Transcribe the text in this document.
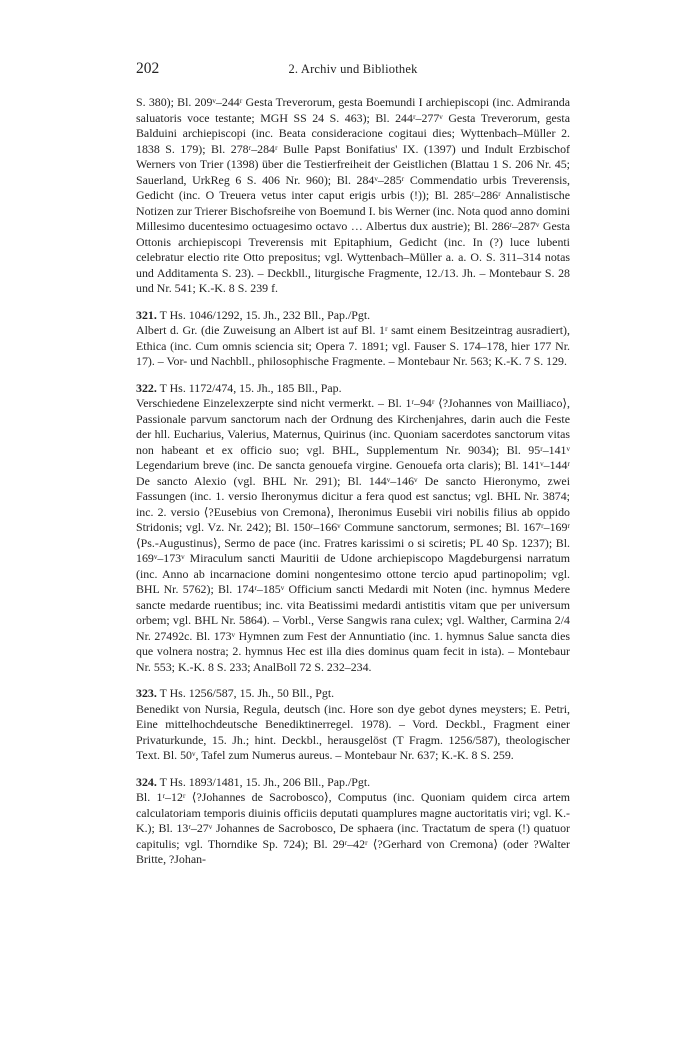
202	2. Archiv und Bibliothek

S. 380); Bl. 209ᵛ–244ʳ Gesta Treverorum, gesta Boemundi I archiepiscopi (inc. Admiranda saluatoris voce testante; MGH SS 24 S. 463); Bl. 244ʳ–277ᵛ Gesta Treverorum, gesta Balduini archiepiscopi (inc. Beata consideracione cogitaui dies; Wyttenbach–Müller 2. 1838 S. 179); Bl. 278ʳ–284ʳ Bulle Papst Bonifatius' IX. (1397) und Indult Erzbischof Werners von Trier (1398) über die Testierfreiheit der Geistlichen (Blattau 1 S. 206 Nr. 45; Sauerland, UrkReg 6 S. 406 Nr. 960); Bl. 284ᵛ–285ʳ Commendatio urbis Treverensis, Gedicht (inc. O Treuera vetus inter caput erigis urbis (!)); Bl. 285ʳ–286ʳ Annalistische Notizen zur Trierer Bischofsreihe von Boemund I. bis Werner (inc. Nota quod anno domini Millesimo ducentesimo octuagesimo octavo … Albertus dux austrie); Bl. 286ʳ–287ᵛ Gesta Ottonis archiepiscopi Treverensis mit Epitaphium, Gedicht (inc. In (?) luce lubenti celebratur electio rite Otto prepositus; vgl. Wyttenbach–Müller a. a. O. S. 311–314 notas und Additamenta S. 23). – Deckbll., liturgische Fragmente, 12./13. Jh. – Montebaur S. 28 und Nr. 541; K.-K. 8 S. 239 f.

321. T Hs. 1046/1292, 15. Jh., 232 Bll., Pap./Pgt.

Albert d. Gr. (die Zuweisung an Albert ist auf Bl. 1ʳ samt einem Besitzeintrag ausradiert), Ethica (inc. Cum omnis sciencia sit; Opera 7. 1891; vgl. Fauser S. 174–178, hier 177 Nr. 17). – Vor- und Nachbll., philosophische Fragmente. – Montebaur Nr. 563; K.-K. 7 S. 129.

322. T Hs. 1172/474, 15. Jh., 185 Bll., Pap.

Verschiedene Einzelexzerpte sind nicht vermerkt. – Bl. 1ʳ–94ʳ ⟨?Johannes von Mailliaco⟩, Passionale parvum sanctorum nach der Ordnung des Kirchenjahres, darin auch die Feste der hll. Eucharius, Valerius, Maternus, Quirinus (inc. Quoniam sacerdotes sanctorum vitas non habeant et ex officio suo; vgl. BHL, Supplementum Nr. 9034); Bl. 95ʳ–141ᵛ Legendarium breve (inc. De sancta genouefa virgine. Genouefa orta claris); Bl. 141ᵛ–144ʳ De sancto Alexio (vgl. BHL Nr. 291); Bl. 144ᵛ–146ᵛ De sancto Hieronymo, zwei Fassungen (inc. 1. versio Iheronymus dicitur a fera quod est sanctus; vgl. BHL Nr. 3874; inc. 2. versio ⟨?Eusebius von Cremona⟩, Iheronimus Eusebii viri nobilis filius ab oppido Stridonis; vgl. Vz. Nr. 242); Bl. 150ʳ–166ᵛ Commune sanctorum, sermones; Bl. 167ʳ–169ʳ ⟨Ps.-Augustinus⟩, Sermo de pace (inc. Fratres karissimi o si sciretis; PL 40 Sp. 1237); Bl. 169ᵛ–173ᵛ Miraculum sancti Mauritii de Udone archiepiscopo Magdeburgensi narratum (inc. Anno ab incarnacione domini nongentesimo ottone tercio apud partinopolim; vgl. BHL Nr. 5762); Bl. 174ʳ–185ᵛ Officium sancti Medardi mit Noten (inc. hymnus Medere sancte medarde ruentibus; inc. vita Beatissimi medardi antistitis vitam que per universum orbem; vgl. BHL Nr. 5864). – Vorbl., Verse Sangwis rana culex; vgl. Walther, Carmina 2/4 Nr. 27492c. Bl. 173ᵛ Hymnen zum Fest der Annuntiatio (inc. 1. hymnus Salue sancta dies que volnera nostra; 2. hymnus Hec est illa dies dominus quam fecit in ista). – Montebaur Nr. 553; K.-K. 8 S. 233; AnalBoll 72 S. 232–234.

323. T Hs. 1256/587, 15. Jh., 50 Bll., Pgt.

Benedikt von Nursia, Regula, deutsch (inc. Hore son dye gebot dynes meysters; E. Petri, Eine mittelhochdeutsche Benediktinerregel. 1978). – Vord. Deckbl., Fragment einer Privaturkunde, 15. Jh.; hint. Deckbl., herausgelöst (T Fragm. 1256/587), theologischer Text. Bl. 50ᵛ, Tafel zum Numerus aureus. – Montebaur Nr. 637; K.-K. 8 S. 259.

324. T Hs. 1893/1481, 15. Jh., 206 Bll., Pap./Pgt.

Bl. 1ʳ–12ʳ ⟨?Johannes de Sacrobosco⟩, Computus (inc. Quoniam quidem circa artem calculatoriam temporis diuinis officiis deputati quamplures magne auctoritatis viri; vgl. K.-K.); Bl. 13ʳ–27ᵛ Johannes de Sacrobosco, De sphaera (inc. Tractatum de spera (!) quatuor capitulis; vgl. Thorndike Sp. 724); Bl. 29ʳ–42ʳ ⟨?Gerhard von Cremona⟩ (oder ?Walter Britte, ?Johan-
